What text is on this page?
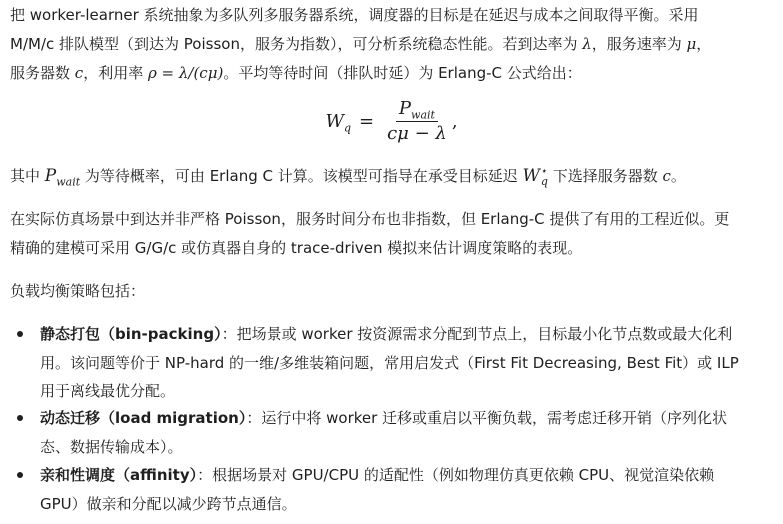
把 worker-learner 系统抽象为多队列多服务器系统，调度器的目标是在延迟与成本之间取得平衡。采用
M/M/c 排队模型（到达为 Poisson，服务为指数），可分析系统稳态性能。若到达率为 λ，服务速率为 μ，
服务器数 c，利用率 ρ = λ/(cμ)。平均等待时间（排队时延）为 Erlang-C 公式给出：
$W_q = \frac{P_{wait}}{c\mu - \lambda}$ ,
其中 $P_{wait}$ 为等待概率，可由 Erlang C 计算。该模型可指导在承受目标延迟 $W^⋆_q$ 下选择服务器数 c。
在实际仿真场景中到达并非严格 Poisson，服务时间分布也非指数，但 Erlang-C 提供了有用的工程近似。更
精确的建模可采用 G/G/c 或仿真器自身的 trace-driven 模拟来估计调度策略的表现。
负载均衡策略包括：
静态打包（bin-packing）：把场景或 worker 按资源需求分配到节点上，目标最小化节点数或最大化利
用。该问题等价于 NP-hard 的一维/多维装箱问题，常用启发式（First Fit Decreasing, Best Fit）或 ILP
用于离线最优分配。
动态迁移（load migration）：运行中将 worker 迁移或重启以平衡负载，需考虑迁移开销（序列化状
态、数据传输成本）。
亲和性调度（affinity）：根据场景对 GPU/CPU 的适配性（例如物理仿真更依赖 CPU、视觉渲染依赖
GPU）做亲和分配以减少跨节点通信。
